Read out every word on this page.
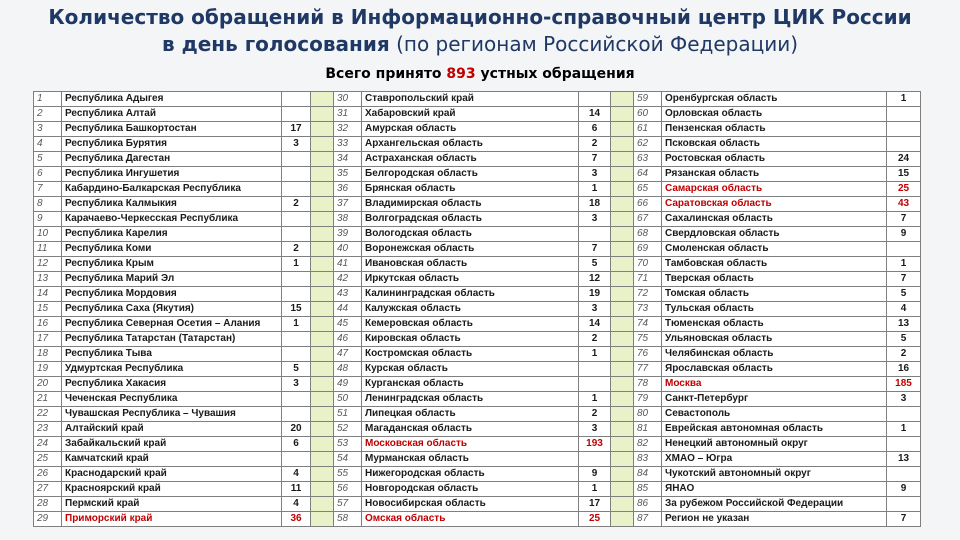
Количество обращений в Информационно-справочный центр ЦИК России
в день голосования (по регионам Российской Федерации)
Всего принято 893 устных обращения
1	Республика Адыгея			30	Ставропольский край			59	Оренбургская область	1
2	Республика Алтай			31	Хабаровский край	14		60	Орловская область	
3	Республика Башкортостан	17		32	Амурская область	6		61	Пензенская область	
4	Республика Бурятия	3		33	Архангельская область	2		62	Псковская область	
5	Республика Дагестан			34	Астраханская область	7		63	Ростовская область	24
6	Республика Ингушетия			35	Белгородская область	3		64	Рязанская область	15
7	Кабардино-Балкарская Республика			36	Брянская область	1		65	Самарская область	25
8	Республика Калмыкия	2		37	Владимирская область	18		66	Саратовская область	43
9	Карачаево-Черкесская Республика			38	Волгоградская область	3		67	Сахалинская область	7
10	Республика Карелия			39	Вологодская область			68	Свердловская область	9
11	Республика Коми	2		40	Воронежская область	7		69	Смоленская область	
12	Республика Крым	1		41	Ивановская область	5		70	Тамбовская область	1
13	Республика Марий Эл			42	Иркутская область	12		71	Тверская область	7
14	Республика Мордовия			43	Калининградская область	19		72	Томская область	5
15	Республика Саха (Якутия)	15		44	Калужская область	3		73	Тульская область	4
16	Республика Северная Осетия – Алания	1		45	Кемеровская область	14		74	Тюменская область	13
17	Республика Татарстан (Татарстан)			46	Кировская область	2		75	Ульяновская область	5
18	Республика Тыва			47	Костромская область	1		76	Челябинская область	2
19	Удмуртская Республика	5		48	Курская область			77	Ярославская область	16
20	Республика Хакасия	3		49	Курганская область			78	Москва	185
21	Чеченская Республика			50	Ленинградская область	1		79	Санкт-Петербург	3
22	Чувашская Республика – Чувашия			51	Липецкая область	2		80	Севастополь	
23	Алтайский край	20		52	Магаданская область	3		81	Еврейская автономная область	1
24	Забайкальский край	6		53	Московская область	193		82	Ненецкий автономный округ	
25	Камчатский край			54	Мурманская область			83	ХМАО – Югра	13
26	Краснодарский край	4		55	Нижегородская область	9		84	Чукотский автономный округ	
27	Красноярский край	11		56	Новгородская область	1		85	ЯНАО	9
28	Пермский край	4		57	Новосибирская область	17		86	За рубежом Российской Федерации	
29	Приморский край	36		58	Омская область	25		87	Регион не указан	7
